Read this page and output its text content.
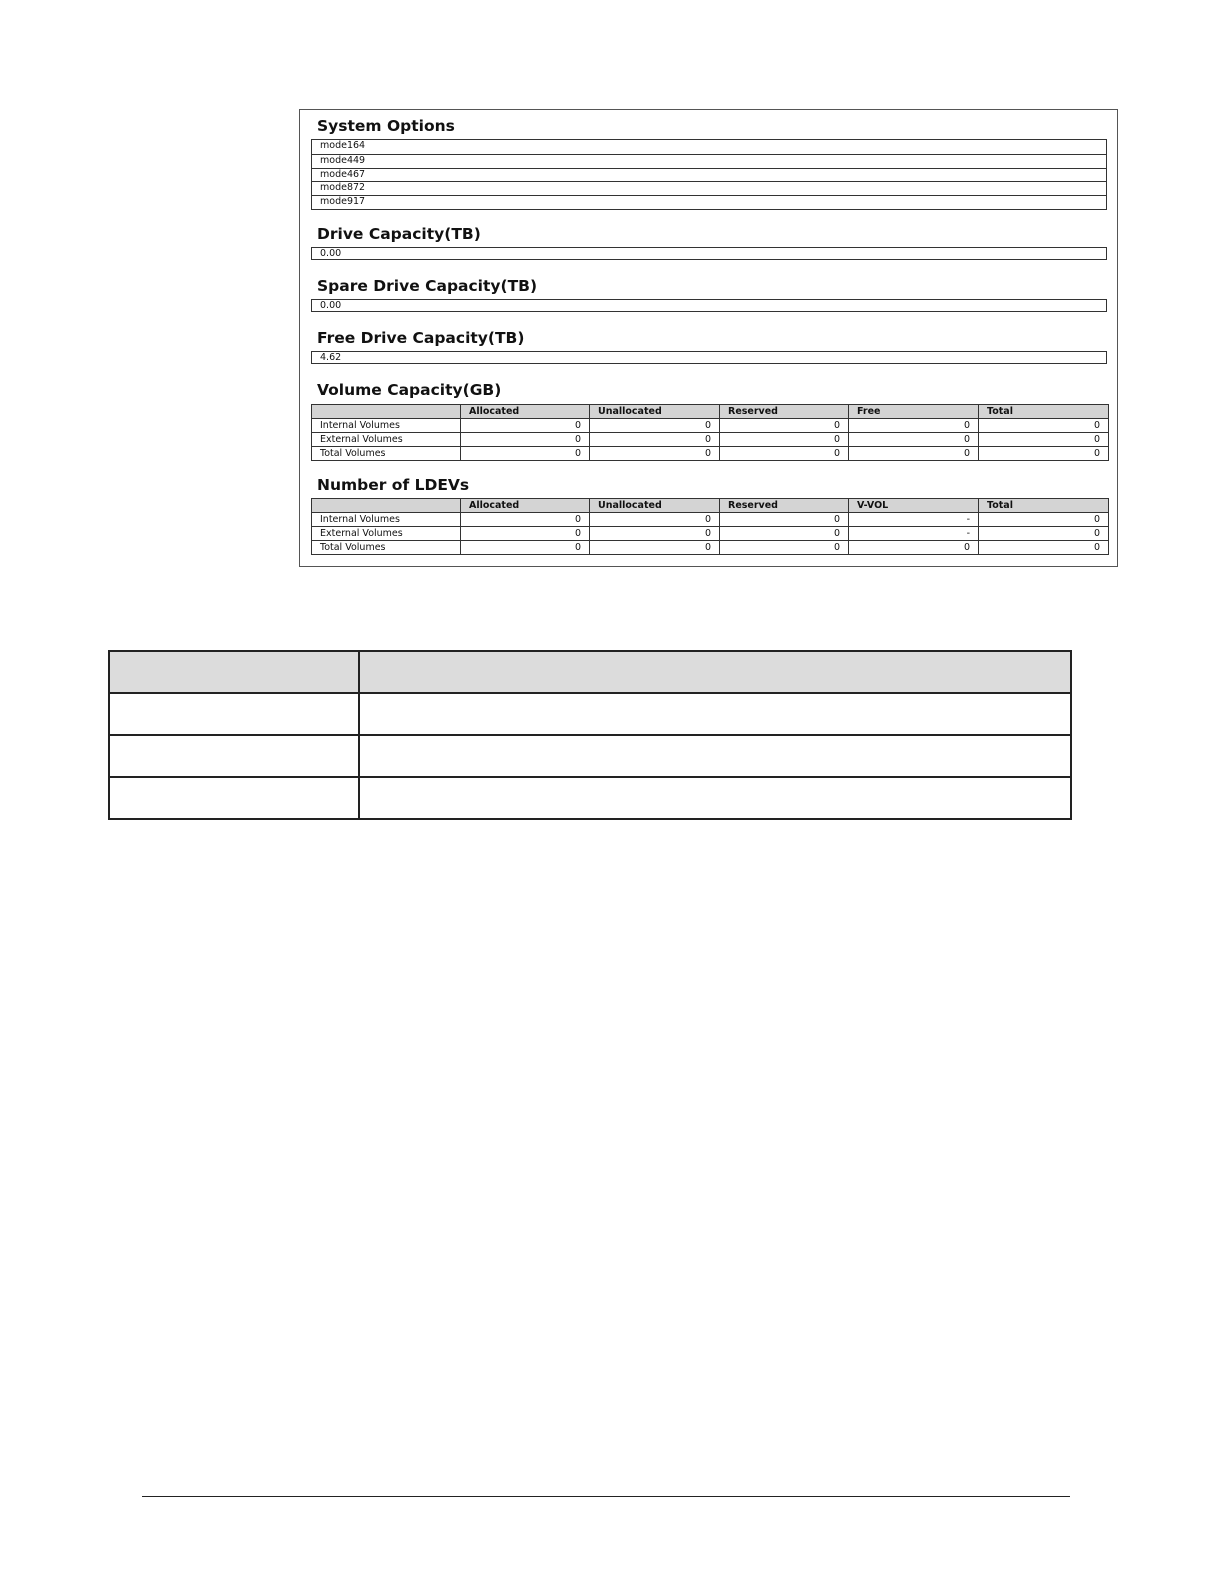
System Options
mode164
mode449
mode467
mode872
mode917
Drive Capacity(TB)
0.00
Spare Drive Capacity(TB)
0.00
Free Drive Capacity(TB)
4.62
Volume Capacity(GB)
	Allocated	Unallocated	Reserved	Free	Total
Internal Volumes	0	0	0	0	0
External Volumes	0	0	0	0	0
Total Volumes	0	0	0	0	0
Number of LDEVs
	Allocated	Unallocated	Reserved	V-VOL	Total
Internal Volumes	0	0	0	-	0
External Volumes	0	0	0	-	0
Total Volumes	0	0	0	0	0
